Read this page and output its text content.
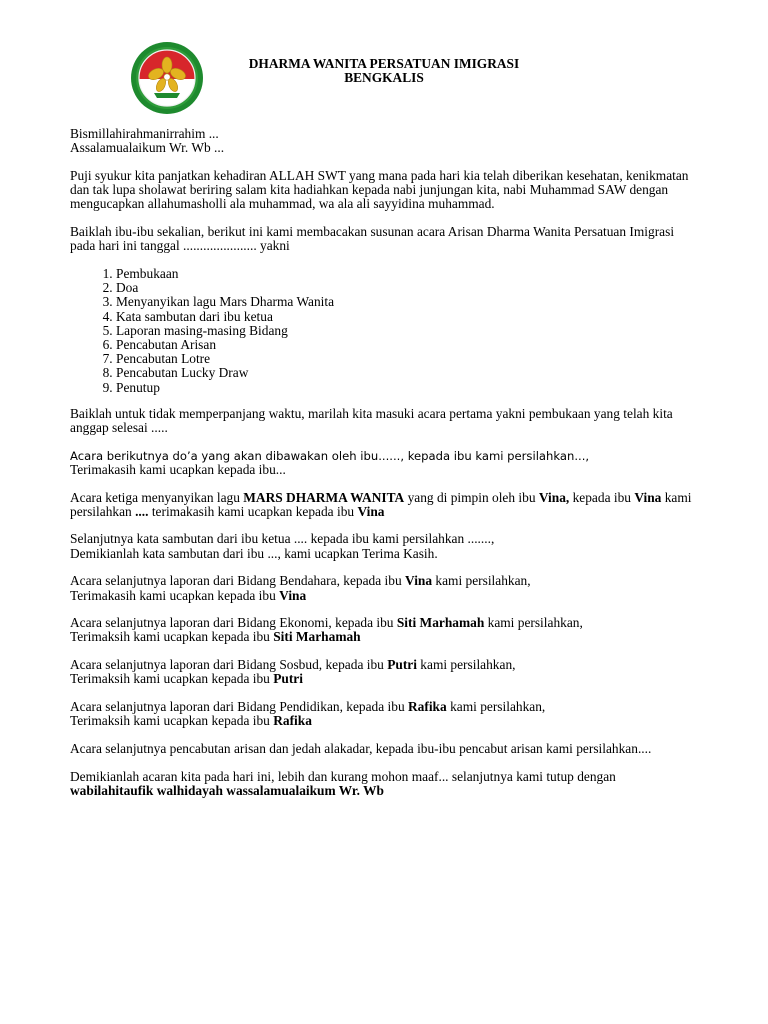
DHARMA WANITA PERSATUAN IMIGRASI
BENGKALIS

Bismillahirahmanirrahim ...
Assalamualaikum Wr. Wb ...

Puji syukur kita panjatkan kehadiran ALLAH SWT yang mana pada hari kia telah diberikan kesehatan, kenikmatan dan tak lupa sholawat beriring salam kita hadiahkan kepada nabi junjungan kita, nabi Muhammad SAW dengan mengucapkan allahumasholli ala muhammad, wa ala ali sayyidina muhammad.

Baiklah ibu-ibu sekalian, berikut ini kami membacakan susunan acara Arisan Dharma Wanita Persatuan Imigrasi pada hari ini tanggal ...................... yakni

1. Pembukaan
2. Doa
3. Menyanyikan lagu Mars Dharma Wanita
4. Kata sambutan dari ibu ketua
5. Laporan masing-masing Bidang
6. Pencabutan Arisan
7. Pencabutan Lotre
8. Pencabutan Lucky Draw
9. Penutup

Baiklah untuk tidak memperpanjang waktu, marilah kita masuki acara pertama yakni pembukaan yang telah kita anggap selesai .....

Acara berikutnya do’a yang akan dibawakan oleh ibu......, kepada ibu kami persilahkan...,
Terimakasih kami ucapkan kepada ibu...

Acara ketiga menyanyikan lagu MARS DHARMA WANITA yang di pimpin oleh ibu Vina, kepada ibu Vina kami persilahkan .... terimakasih kami ucapkan kepada ibu Vina

Selanjutnya kata sambutan dari ibu ketua .... kepada ibu kami persilahkan .......,
Demikianlah kata sambutan dari ibu ..., kami ucapkan Terima Kasih.

Acara selanjutnya laporan dari Bidang Bendahara, kepada ibu Vina kami persilahkan,
Terimakasih kami ucapkan kepada ibu Vina

Acara selanjutnya laporan dari Bidang Ekonomi, kepada ibu Siti Marhamah kami persilahkan,
Terimaksih kami ucapkan kepada ibu Siti Marhamah

Acara selanjutnya laporan dari Bidang Sosbud, kepada ibu Putri kami persilahkan,
Terimaksih kami ucapkan kepada ibu Putri

Acara selanjutnya laporan dari Bidang Pendidikan, kepada ibu Rafika kami persilahkan,
Terimaksih kami ucapkan kepada ibu Rafika

Acara selanjutnya pencabutan arisan dan jedah alakadar, kepada ibu-ibu pencabut arisan kami persilahkan....

Demikianlah acaran kita pada hari ini, lebih dan kurang mohon maaf... selanjutnya kami tutup dengan
wabilahitaufik walhidayah wassalamualaikum Wr. Wb
